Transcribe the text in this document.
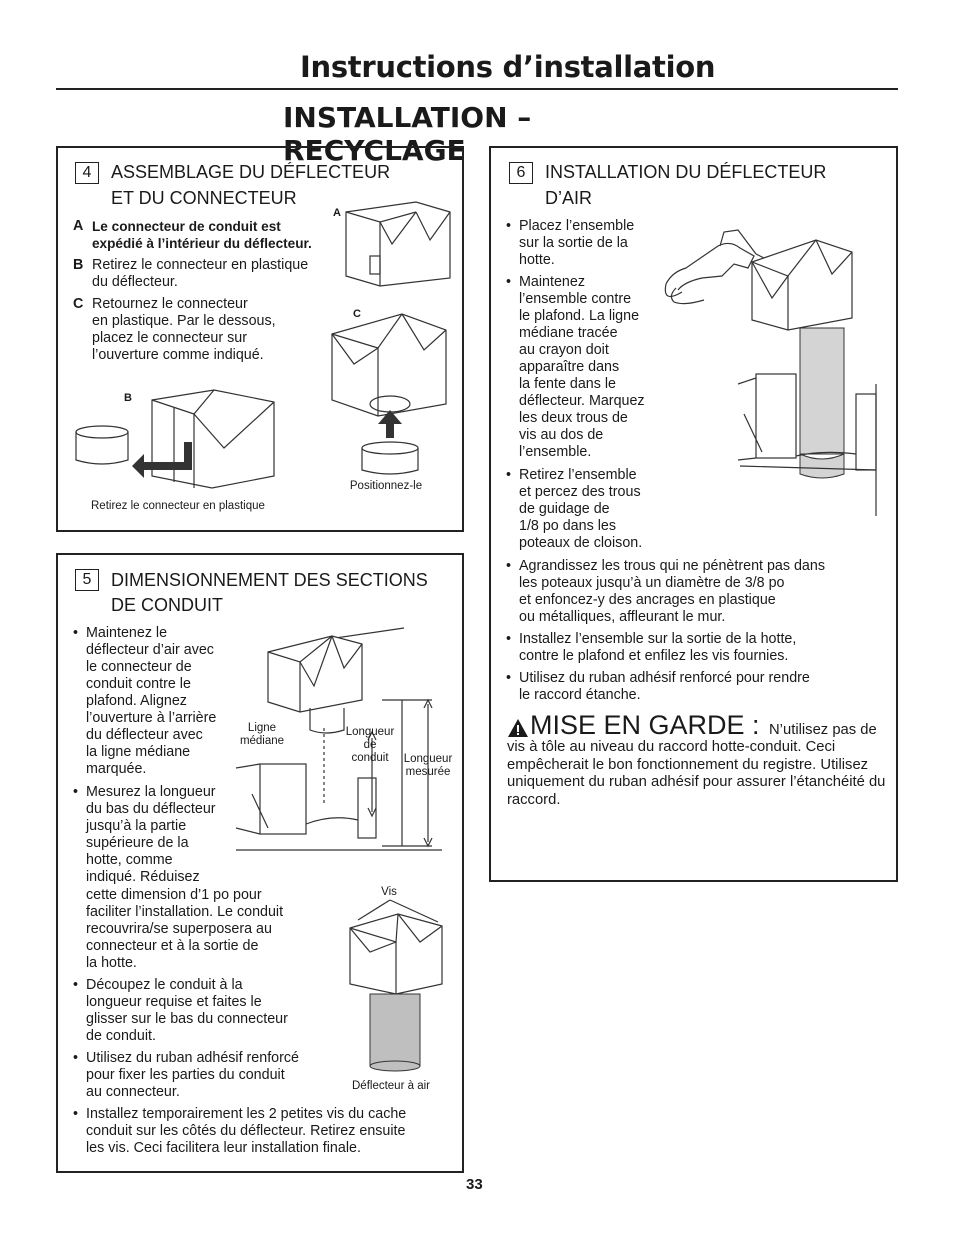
Instructions d’installation
INSTALLATION – RECYCLAGE
4	ASSEMBLAGE DU DÉFLECTEUR
ET DU CONNECTEUR
A Le connecteur de conduit est
expédié à l’intérieur du déflecteur.
B Retirez le connecteur en plastique
du déflecteur.
C Retournez le connecteur
en plastique. Par le dessous,
placez le connecteur sur
l’ouverture comme indiqué.
A
C
B
Positionnez-le
Retirez le connecteur en plastique
5	DIMENSIONNEMENT DES SECTIONS
DE CONDUIT
• Maintenez le
déflecteur d’air avec
le connecteur de
conduit contre le
plafond. Alignez
l’ouverture à l’arrière
du déflecteur avec
la ligne médiane
marquée.
• Mesurez la longueur
du bas du déflecteur
jusqu’à la partie
supérieure de la
hotte, comme
indiqué. Réduisez
cette dimension d’1 po pour
faciliter l’installation. Le conduit
recouvrira/se superposera au
connecteur et à la sortie de
la hotte.
• Découpez le conduit à la
longueur requise et faites le
glisser sur le bas du connecteur
de conduit.
• Utilisez du ruban adhésif renforcé
pour fixer les parties du conduit
au connecteur.
• Installez temporairement les 2 petites vis du cache
conduit sur les côtés du déflecteur. Retirez ensuite
les vis. Ceci facilitera leur installation finale.
Ligne
médiane
Longueur
de
conduit	Longueur
mesurée
Vis
Déflecteur à air
6	INSTALLATION DU DÉFLECTEUR
D’AIR
• Placez l’ensemble
sur la sortie de la
hotte.
• Maintenez
l’ensemble contre
le plafond. La ligne
médiane tracée
au crayon doit
apparaître dans
la fente dans le
déflecteur. Marquez
les deux trous de
vis au dos de
l’ensemble.
• Retirez l’ensemble
et percez des trous
de guidage de
1/8 po dans les
poteaux de cloison.
• Agrandissez les trous qui ne pénètrent pas dans
les poteaux jusqu’à un diamètre de 3/8 po
et enfoncez-y des ancrages en plastique
ou métalliques, affleurant le mur.
• Installez l’ensemble sur la sortie de la hotte,
contre le plafond et enfilez les vis fournies.
• Utilisez du ruban adhésif renforcé pour rendre
le raccord étanche.
MISE EN GARDE : N’utilisez pas de vis à tôle au niveau du raccord hotte-conduit. Ceci empêcherait le bon fonctionnement du registre. Utilisez uniquement du ruban adhésif pour assurer l’étanchéité du raccord.
33
